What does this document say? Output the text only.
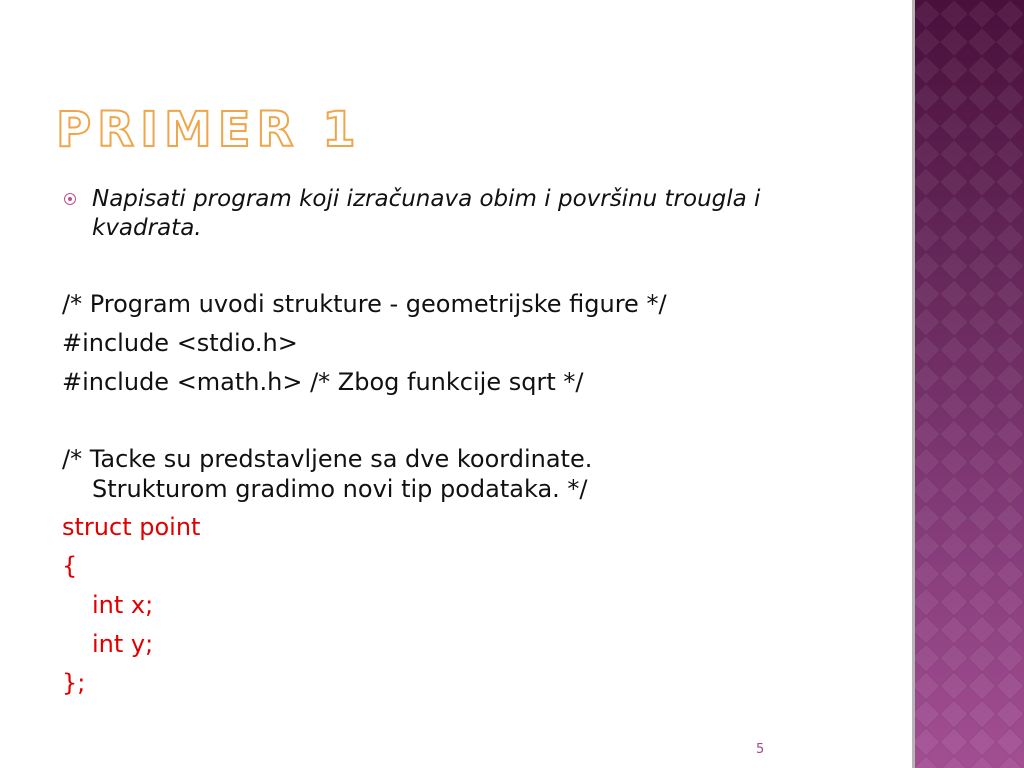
PRIMER 1
Napisati program koji izračunava obim i površinu trougla i kvadrata.
/* Program uvodi strukture - geometrijske figure */
#include <stdio.h>
#include <math.h> /* Zbog funkcije sqrt */
/* Tacke su predstavljene sa dve koordinate.
Strukturom gradimo novi tip podataka. */
struct point
{
int x;
int y;
};
5
